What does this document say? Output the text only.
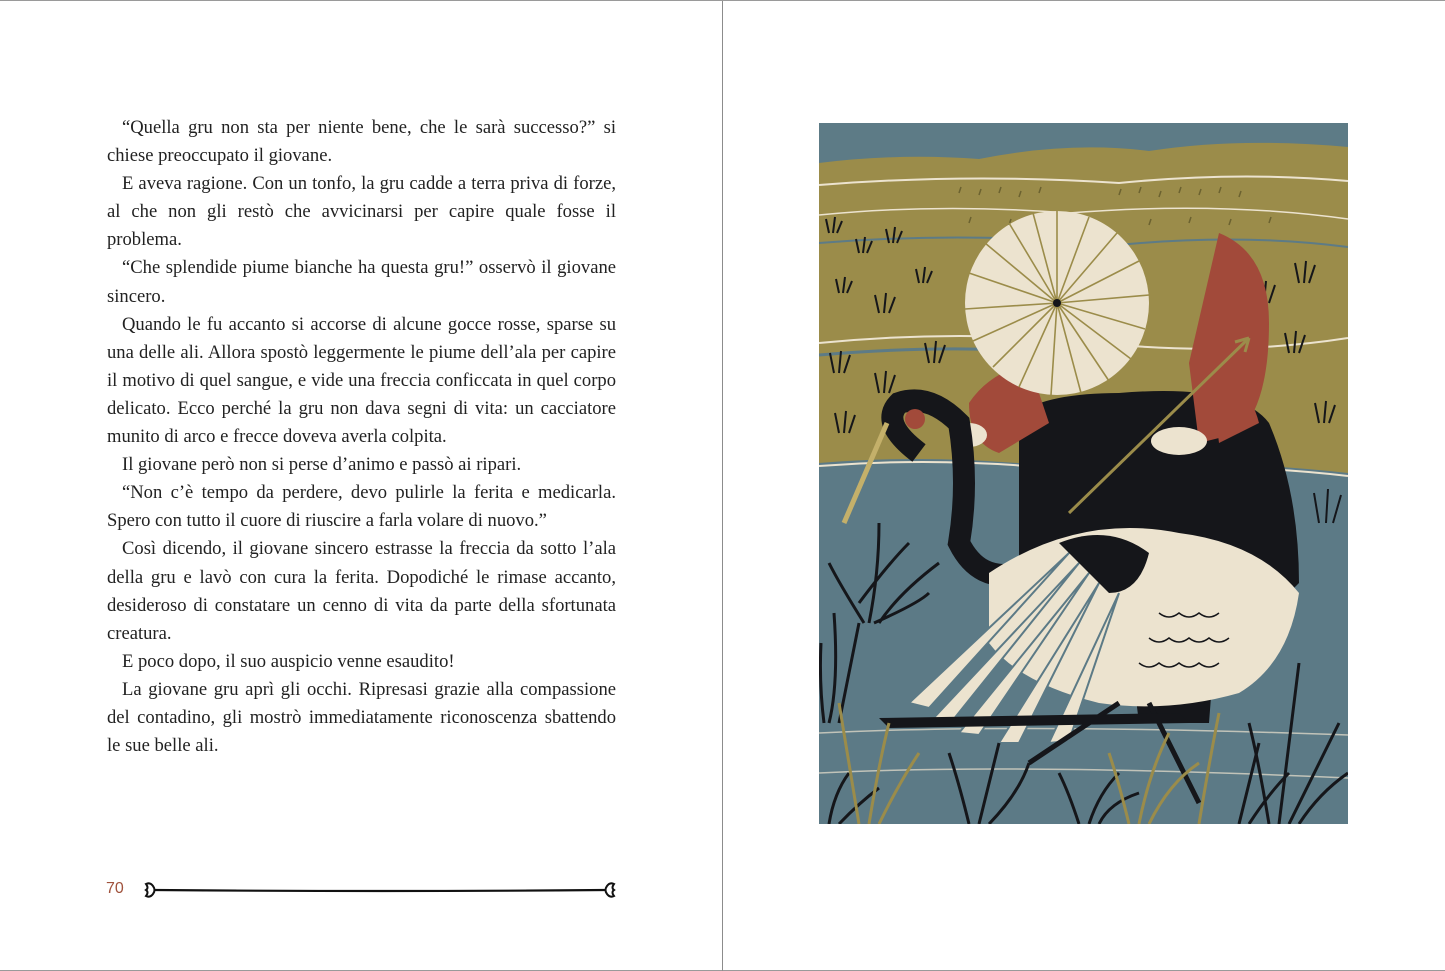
“Quella gru non sta per niente bene, che le sarà successo?” si chiese preoccupato il giovane.

E aveva ragione. Con un tonfo, la gru cadde a terra priva di forze, al che non gli restò che avvicinarsi per capire quale fosse il problema.

“Che splendide piume bianche ha questa gru!” osservò il giovane sincero.

Quando le fu accanto si accorse di alcune gocce rosse, sparse su una delle ali. Allora spostò leggermente le piume dell’ala per capire il motivo di quel sangue, e vide una freccia conficcata in quel corpo delicato. Ecco perché la gru non dava segni di vita: un cacciatore munito di arco e frecce doveva averla colpita.

Il giovane però non si perse d’animo e passò ai ripari.

“Non c’è tempo da perdere, devo pulirle la ferita e medicarla. Spero con tutto il cuore di riuscire a farla volare di nuovo.”

Così dicendo, il giovane sincero estrasse la freccia da sotto l’ala della gru e lavò con cura la ferita. Dopodiché le rimase accanto, desideroso di constatare un cenno di vita da parte della sfortunata creatura.

E poco dopo, il suo auspicio venne esaudito!

La giovane gru aprì gli occhi. Ripresasi grazie alla compassione del contadino, gli mostrò immediatamente riconoscenza sbattendo le sue belle ali.

70
